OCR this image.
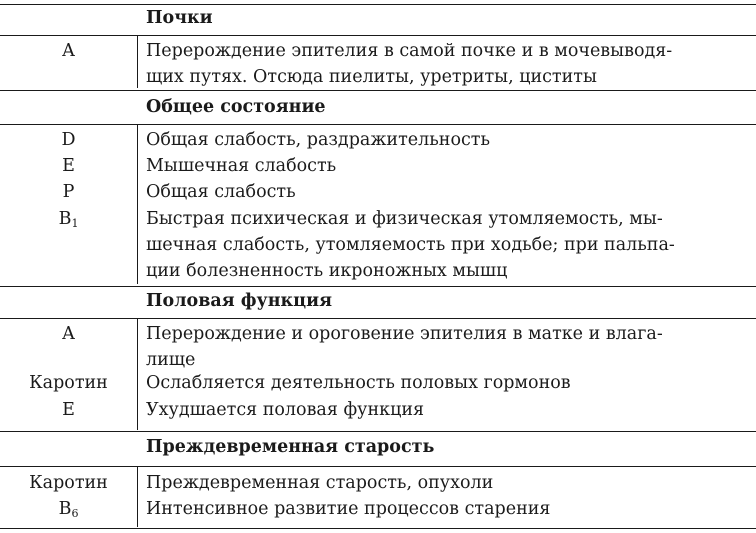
Почки
А	Перерождение эпителия в самой почке и в мочевыводя-
щих путях. Отсюда пиелиты, уретриты, циститы
Общее состояние
D	Общая слабость, раздражительность
E	Мышечная слабость
P	Общая слабость
$B_1$	Быстрая психическая и физическая утомляемость, мы-
шечная слабость, утомляемость при ходьбе; при пальпа-
ции болезненность икроножных мышц
Половая функция
А	Перерождение и ороговение эпителия в матке и влага-
лище
Каротин	Ослабляется деятельность половых гормонов
E	Ухудшается половая функция
Преждевременная старость
Каротин	Преждевременная старость, опухоли
$B_6$	Интенсивное развитие процессов старения
